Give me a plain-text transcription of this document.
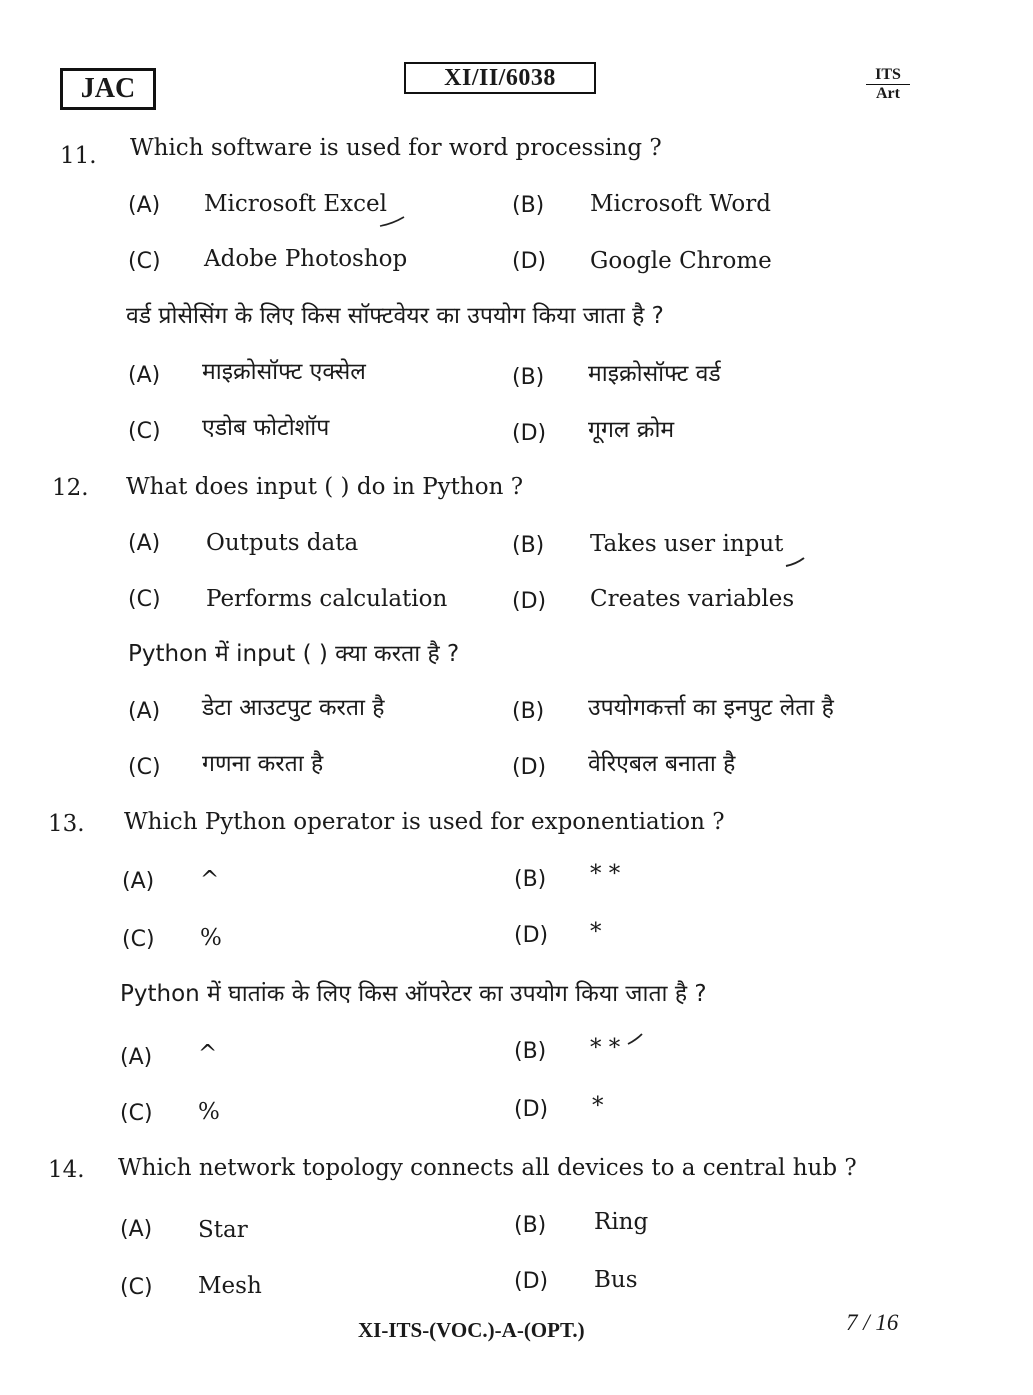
JAC	XI/II/6038	ITS
Art
11. Which software is used for word processing ?
(A) Microsoft Excel	(B) Microsoft Word
(C) Adobe Photoshop	(D) Google Chrome
वर्ड प्रोसेसिंग के लिए किस सॉफ्टवेयर का उपयोग किया जाता है ?
(A) माइक्रोसॉफ्ट एक्सेल	(B) माइक्रोसॉफ्ट वर्ड
(C) एडोब फोटोशॉप	(D) गूगल क्रोम
12. What does input ( ) do in Python ?
(A) Outputs data	(B) Takes user input
(C) Performs calculation	(D) Creates variables
Python में input ( ) क्या करता है ?
(A) डेटा आउटपुट करता है	(B) उपयोगकर्त्ता का इनपुट लेता है
(C) गणना करता है	(D) वेरिएबल बनाता है
13. Which Python operator is used for exponentiation ?
(A) ^	(B) * *
(C) %	(D) *
Python में घातांक के लिए किस ऑपरेटर का उपयोग किया जाता है ?
(A) ^	(B) * *
(C) %	(D) *
14. Which network topology connects all devices to a central hub ?
(A) Star	(B) Ring
(C) Mesh	(D) Bus
XI-ITS-(VOC.)-A-(OPT.)	7 / 16
